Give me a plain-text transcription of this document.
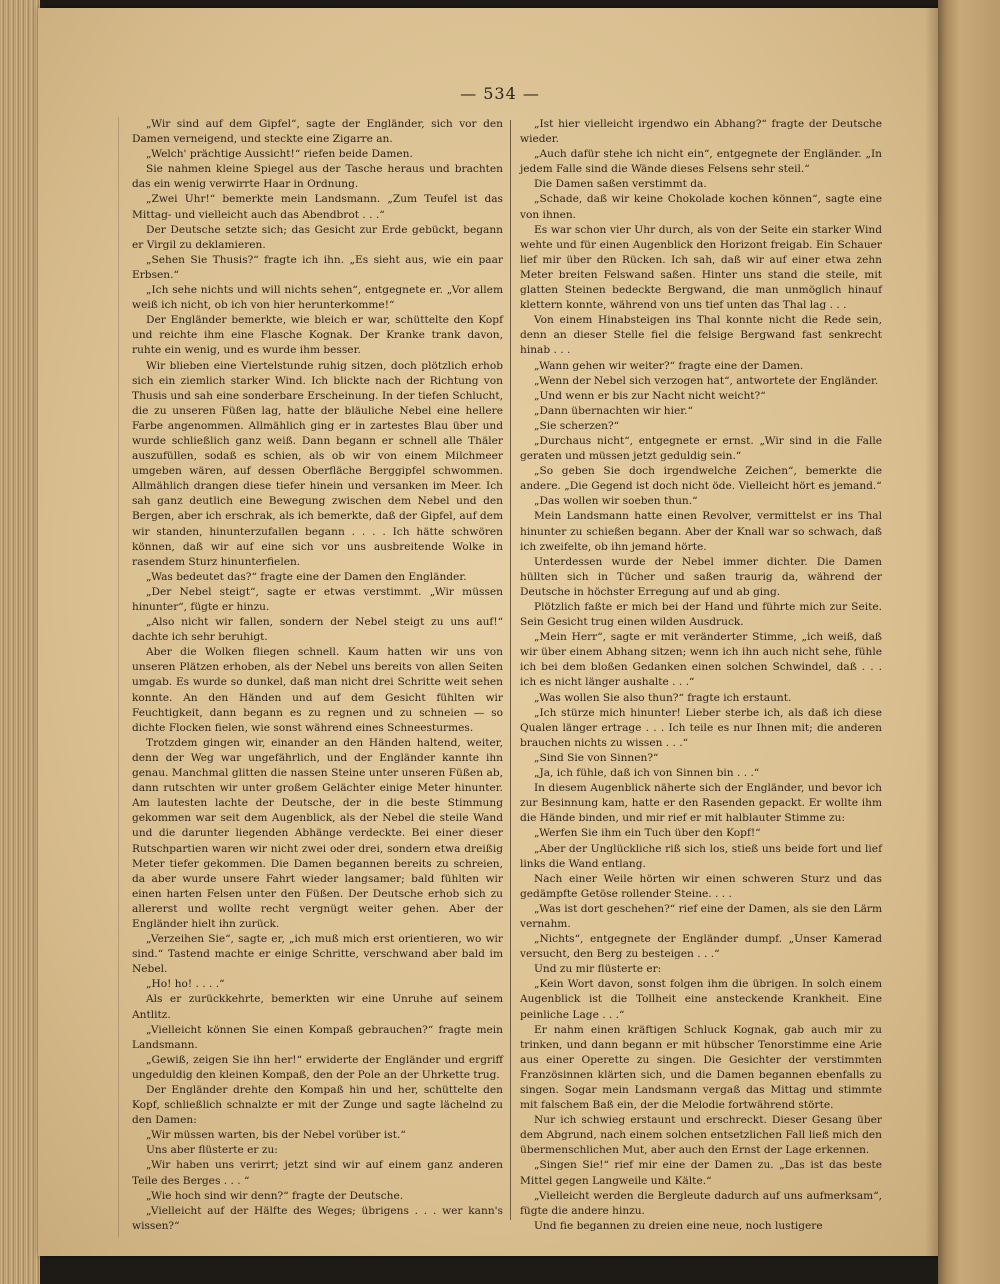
— 534 —

„Wir sind auf dem Gipfel“, sagte der Engländer, sich vor den Damen verneigend, und steckte eine Zigarre an.

„Welch' prächtige Aussicht!“ riefen beide Damen.

Sie nahmen kleine Spiegel aus der Tasche heraus und brachten das ein wenig verwirrte Haar in Ordnung.

„Zwei Uhr!“ bemerkte mein Landsmann. „Zum Teufel ist das Mittag- und vielleicht auch das Abendbrot . . .“

Der Deutsche setzte sich; das Gesicht zur Erde gebückt, begann er Virgil zu deklamieren.

„Sehen Sie Thusis?“ fragte ich ihn. „Es sieht aus, wie ein paar Erbsen.“

„Ich sehe nichts und will nichts sehen“, entgegnete er. „Vor allem weiß ich nicht, ob ich von hier herunterkomme!“

Der Engländer bemerkte, wie bleich er war, schüttelte den Kopf und reichte ihm eine Flasche Kognak. Der Kranke trank davon, ruhte ein wenig, und es wurde ihm besser.

Wir blieben eine Viertelstunde ruhig sitzen, doch plötzlich erhob sich ein ziemlich starker Wind. Ich blickte nach der Richtung von Thusis und sah eine sonderbare Erscheinung. In der tiefen Schlucht, die zu unseren Füßen lag, hatte der bläuliche Nebel eine hellere Farbe angenommen. Allmählich ging er in zartestes Blau über und wurde schließlich ganz weiß. Dann begann er schnell alle Thäler auszufüllen, sodaß es schien, als ob wir von einem Milchmeer umgeben wären, auf dessen Oberfläche Berggipfel schwommen. Allmählich drangen diese tiefer hinein und versanken im Meer. Ich sah ganz deutlich eine Bewegung zwischen dem Nebel und den Bergen, aber ich erschrak, als ich bemerkte, daß der Gipfel, auf dem wir standen, hinunterzufallen begann . . . . Ich hätte schwören können, daß wir auf eine sich vor uns ausbreitende Wolke in rasendem Sturz hinunterfielen.

„Was bedeutet das?“ fragte eine der Damen den Engländer.

„Der Nebel steigt“, sagte er etwas verstimmt. „Wir müssen hinunter“, fügte er hinzu.

„Also nicht wir fallen, sondern der Nebel steigt zu uns auf!“ dachte ich sehr beruhigt.

Aber die Wolken fliegen schnell. Kaum hatten wir uns von unseren Plätzen erhoben, als der Nebel uns bereits von allen Seiten umgab. Es wurde so dunkel, daß man nicht drei Schritte weit sehen konnte. An den Händen und auf dem Gesicht fühlten wir Feuchtigkeit, dann begann es zu regnen und zu schneien — so dichte Flocken fielen, wie sonst während eines Schneesturmes.

Trotzdem gingen wir, einander an den Händen haltend, weiter, denn der Weg war ungefährlich, und der Engländer kannte ihn genau. Manchmal glitten die nassen Steine unter unseren Füßen ab, dann rutschten wir unter großem Gelächter einige Meter hinunter. Am lautesten lachte der Deutsche, der in die beste Stimmung gekommen war seit dem Augenblick, als der Nebel die steile Wand und die darunter liegenden Abhänge verdeckte. Bei einer dieser Rutschpartien waren wir nicht zwei oder drei, sondern etwa dreißig Meter tiefer gekommen. Die Damen begannen bereits zu schreien, da aber wurde unsere Fahrt wieder langsamer; bald fühlten wir einen harten Felsen unter den Füßen. Der Deutsche erhob sich zu allererst und wollte recht vergnügt weiter gehen. Aber der Engländer hielt ihn zurück.

„Verzeihen Sie“, sagte er, „ich muß mich erst orientieren, wo wir sind.“ Tastend machte er einige Schritte, verschwand aber bald im Nebel.

„Ho! ho! . . . .“

Als er zurückkehrte, bemerkten wir eine Unruhe auf seinem Antlitz.

„Vielleicht können Sie einen Kompaß gebrauchen?“ fragte mein Landsmann.

„Gewiß, zeigen Sie ihn her!“ erwiderte der Engländer und ergriff ungeduldig den kleinen Kompaß, den der Pole an der Uhrkette trug.

Der Engländer drehte den Kompaß hin und her, schüttelte den Kopf, schließlich schnalzte er mit der Zunge und sagte lächelnd zu den Damen:

„Wir müssen warten, bis der Nebel vorüber ist.“

Uns aber flüsterte er zu:

„Wir haben uns verirrt; jetzt sind wir auf einem ganz anderen Teile des Berges . . . “

„Wie hoch sind wir denn?“ fragte der Deutsche.

„Vielleicht auf der Hälfte des Weges; übrigens . . . wer kann's wissen?“

„Ist hier vielleicht irgendwo ein Abhang?“ fragte der Deutsche wieder.

„Auch dafür stehe ich nicht ein“, entgegnete der Engländer. „In jedem Falle sind die Wände dieses Felsens sehr steil.“

Die Damen saßen verstimmt da.

„Schade, daß wir keine Chokolade kochen können“, sagte eine von ihnen.

Es war schon vier Uhr durch, als von der Seite ein starker Wind wehte und für einen Augenblick den Horizont freigab. Ein Schauer lief mir über den Rücken. Ich sah, daß wir auf einer etwa zehn Meter breiten Felswand saßen. Hinter uns stand die steile, mit glatten Steinen bedeckte Bergwand, die man unmöglich hinauf klettern konnte, während von uns tief unten das Thal lag . . .

Von einem Hinabsteigen ins Thal konnte nicht die Rede sein, denn an dieser Stelle fiel die felsige Bergwand fast senkrecht hinab . . .

„Wann gehen wir weiter?“ fragte eine der Damen.

„Wenn der Nebel sich verzogen hat“, antwortete der Engländer.

„Und wenn er bis zur Nacht nicht weicht?“

„Dann übernachten wir hier.“

„Sie scherzen?“

„Durchaus nicht“, entgegnete er ernst. „Wir sind in die Falle geraten und müssen jetzt geduldig sein.“

„So geben Sie doch irgendwelche Zeichen“, bemerkte die andere. „Die Gegend ist doch nicht öde. Vielleicht hört es jemand.“

„Das wollen wir soeben thun.“

Mein Landsmann hatte einen Revolver, vermittelst er ins Thal hinunter zu schießen begann. Aber der Knall war so schwach, daß ich zweifelte, ob ihn jemand hörte.

Unterdessen wurde der Nebel immer dichter. Die Damen hüllten sich in Tücher und saßen traurig da, während der Deutsche in höchster Erregung auf und ab ging.

Plötzlich faßte er mich bei der Hand und führte mich zur Seite. Sein Gesicht trug einen wilden Ausdruck.

„Mein Herr“, sagte er mit veränderter Stimme, „ich weiß, daß wir über einem Abhang sitzen; wenn ich ihn auch nicht sehe, fühle ich bei dem bloßen Gedanken einen solchen Schwindel, daß . . . ich es nicht länger aushalte . . .“

„Was wollen Sie also thun?“ fragte ich erstaunt.

„Ich stürze mich hinunter! Lieber sterbe ich, als daß ich diese Qualen länger ertrage . . . Ich teile es nur Ihnen mit; die anderen brauchen nichts zu wissen . . .“

„Sind Sie von Sinnen?“

„Ja, ich fühle, daß ich von Sinnen bin . . .“

In diesem Augenblick näherte sich der Engländer, und bevor ich zur Besinnung kam, hatte er den Rasenden gepackt. Er wollte ihm die Hände binden, und mir rief er mit halblauter Stimme zu:

„Werfen Sie ihm ein Tuch über den Kopf!“

„Aber der Unglückliche riß sich los, stieß uns beide fort und lief links die Wand entlang.

Nach einer Weile hörten wir einen schweren Sturz und das gedämpfte Getöse rollender Steine. . . .

„Was ist dort geschehen?“ rief eine der Damen, als sie den Lärm vernahm.

„Nichts“, entgegnete der Engländer dumpf. „Unser Kamerad versucht, den Berg zu besteigen . . .“

Und zu mir flüsterte er:

„Kein Wort davon, sonst folgen ihm die übrigen. In solch einem Augenblick ist die Tollheit eine ansteckende Krankheit. Eine peinliche Lage . . .“

Er nahm einen kräftigen Schluck Kognak, gab auch mir zu trinken, und dann begann er mit hübscher Tenorstimme eine Arie aus einer Operette zu singen. Die Gesichter der verstimmten Französinnen klärten sich, und die Damen begannen ebenfalls zu singen. Sogar mein Landsmann vergaß das Mittag und stimmte mit falschem Baß ein, der die Melodie fortwährend störte.

Nur ich schwieg erstaunt und erschreckt. Dieser Gesang über dem Abgrund, nach einem solchen entsetzlichen Fall ließ mich den übermenschlichen Mut, aber auch den Ernst der Lage erkennen.

„Singen Sie!“ rief mir eine der Damen zu. „Das ist das beste Mittel gegen Langweile und Kälte.“

„Vielleicht werden die Bergleute dadurch auf uns aufmerksam“, fügte die andere hinzu.

Und fie begannen zu dreien eine neue, noch lustigere
